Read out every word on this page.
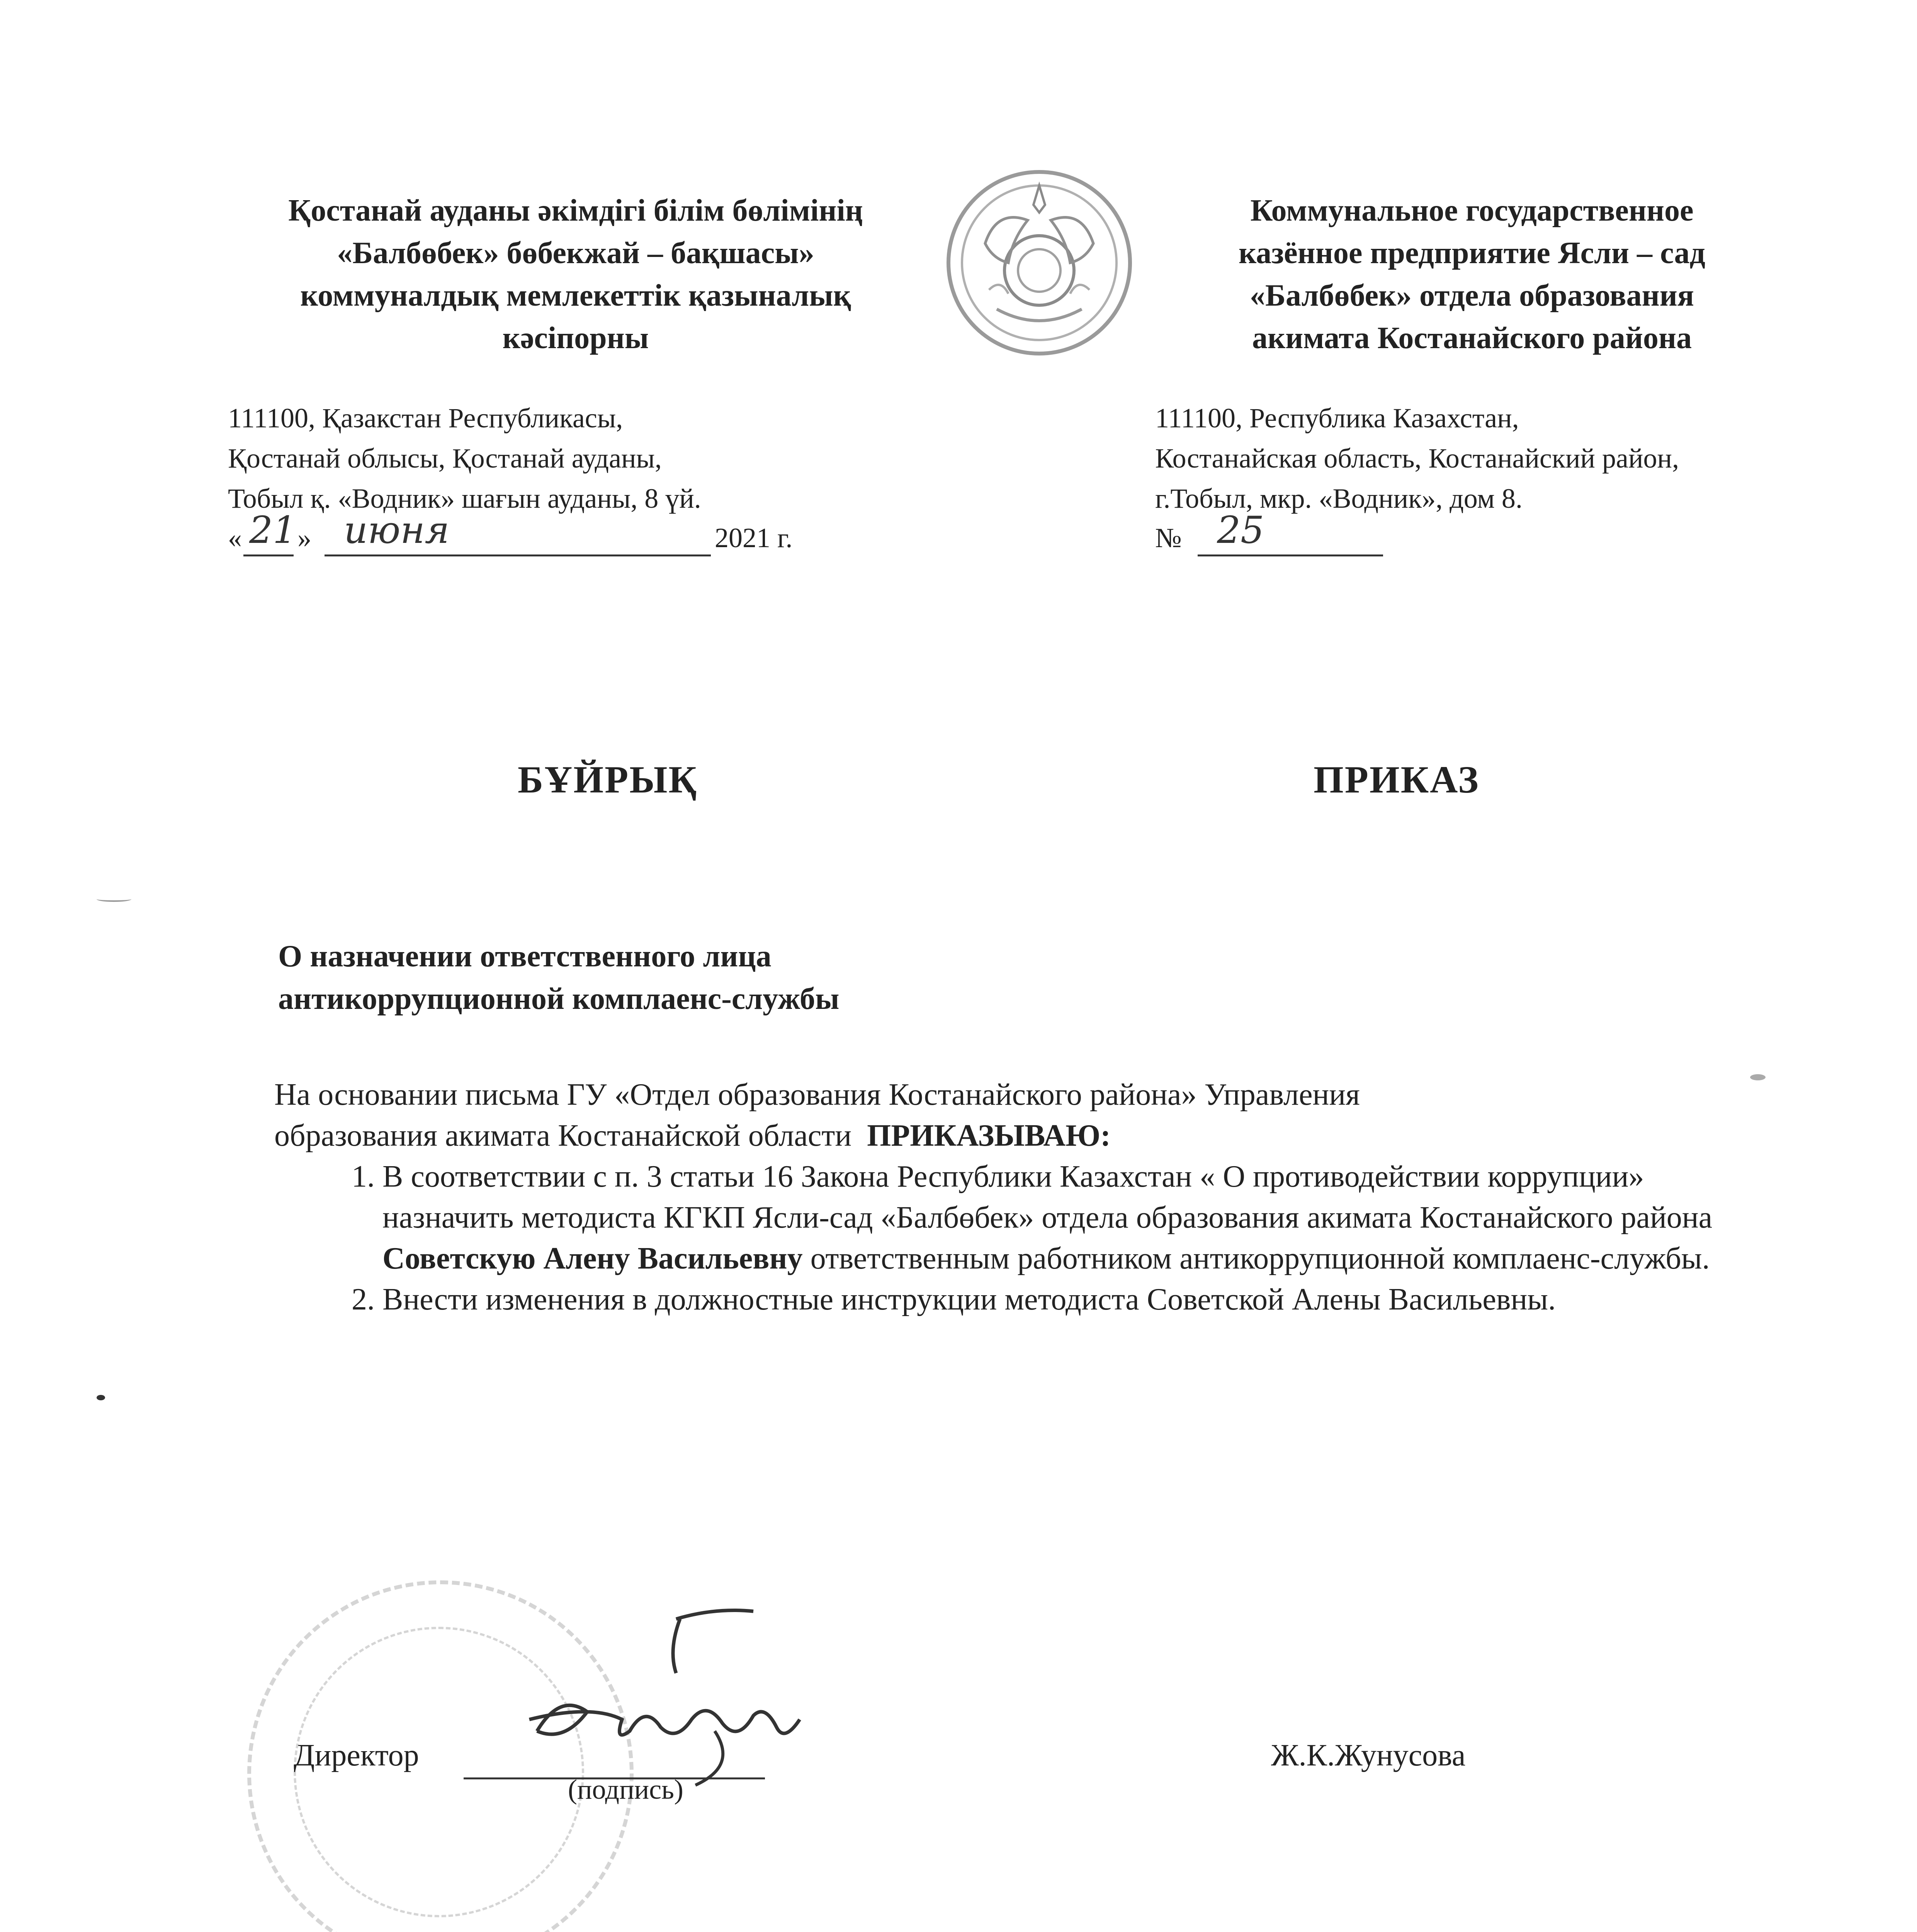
Қостанай ауданы әкімдігі білім бөлімінің
«Балбөбек» бөбекжай – бақшасы»
коммуналдық мемлекеттік қазыналық
кәсіпорны
Коммунальное государственное
казённое предприятие Ясли – сад
«Балбөбек» отдела образования
акимата Костанайского района
111100, Қазакстан Республикасы,
Қостанай облысы, Қостанай ауданы,
Тобыл қ. «Водник» шағын ауданы, 8 үй.
111100, Республика Казахстан,
Костанайская область, Костанайский район,
г.Тобыл, мкр. «Водник», дом 8.
« 21 » июня	2021 г.	№ 25
БҰЙРЫҚ	ПРИКАЗ
О назначении ответственного лица
антикоррупционной комплаенс-службы
На основании письма ГУ «Отдел образования Костанайского района» Управления
образования акимата Костанайской области ПРИКАЗЫВАЮ:
1. В соответствии с п. 3 статьи 16 Закона Республики Казахстан « О противодействии коррупции» назначить методиста КГКП Ясли-сад «Балбөбек» отдела образования акимата Костанайского района Советскую Алену Васильевну ответственным работником антикоррупционной комплаенс-службы.
2. Внести изменения в должностные инструкции методиста Советской Алены Васильевны.
Директор
(подпись)
Ж.К.Жунусова
